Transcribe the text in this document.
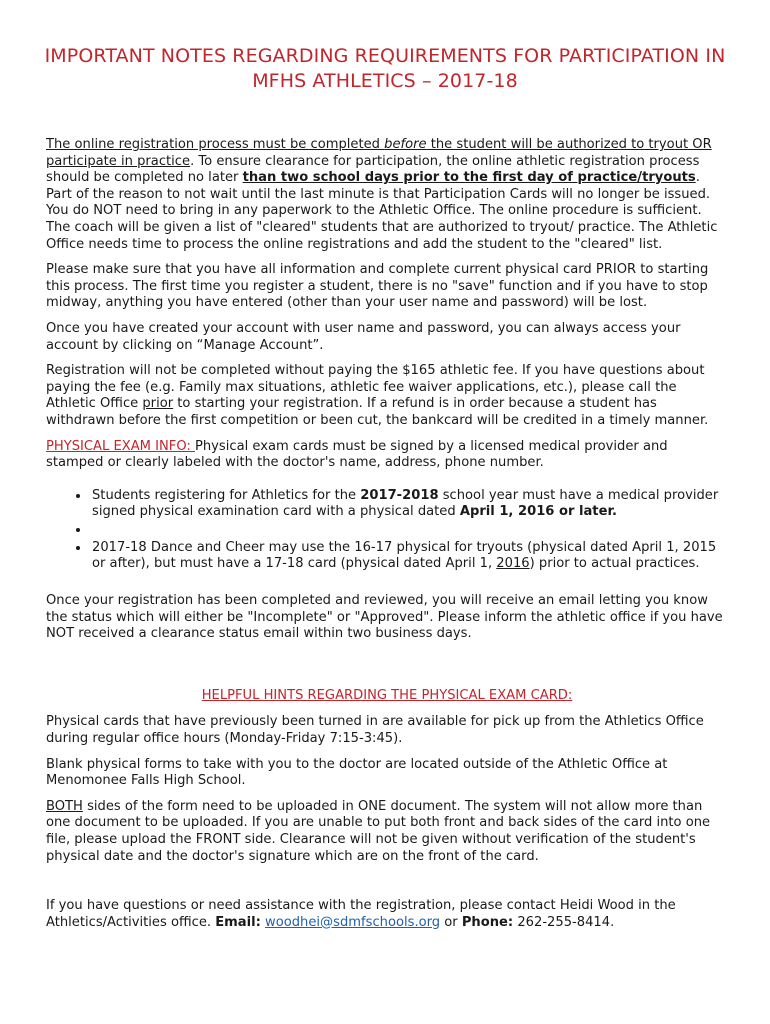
IMPORTANT NOTES REGARDING REQUIREMENTS FOR PARTICIPATION IN
MFHS ATHLETICS – 2017-18

The online registration process must be completed before the student will be authorized to tryout OR participate in practice. To ensure clearance for participation, the online athletic registration process should be completed no later than two school days prior to the first day of practice/tryouts. Part of the reason to not wait until the last minute is that Participation Cards will no longer be issued. You do NOT need to bring in any paperwork to the Athletic Office. The online procedure is sufficient. The coach will be given a list of "cleared" students that are authorized to tryout/ practice. The Athletic Office needs time to process the online registrations and add the student to the "cleared" list.

Please make sure that you have all information and complete current physical card PRIOR to starting this process. The first time you register a student, there is no "save" function and if you have to stop midway, anything you have entered (other than your user name and password) will be lost.

Once you have created your account with user name and password, you can always access your account by clicking on “Manage Account”.

Registration will not be completed without paying the $165 athletic fee. If you have questions about paying the fee (e.g. Family max situations, athletic fee waiver applications, etc.), please call the Athletic Office prior to starting your registration. If a refund is in order because a student has withdrawn before the first competition or been cut, the bankcard will be credited in a timely manner.

PHYSICAL EXAM INFO: Physical exam cards must be signed by a licensed medical provider and stamped or clearly labeled with the doctor's name, address, phone number.

• Students registering for Athletics for the 2017-2018 school year must have a medical provider signed physical examination card with a physical dated April 1, 2016 or later.
•
• 2017-18 Dance and Cheer may use the 16-17 physical for tryouts (physical dated April 1, 2015 or after), but must have a 17-18 card (physical dated April 1, 2016) prior to actual practices.

Once your registration has been completed and reviewed, you will receive an email letting you know the status which will either be "Incomplete" or "Approved". Please inform the athletic office if you have NOT received a clearance status email within two business days.

HELPFUL HINTS REGARDING THE PHYSICAL EXAM CARD:

Physical cards that have previously been turned in are available for pick up from the Athletics Office during regular office hours (Monday-Friday 7:15-3:45).

Blank physical forms to take with you to the doctor are located outside of the Athletic Office at Menomonee Falls High School.

BOTH sides of the form need to be uploaded in ONE document. The system will not allow more than one document to be uploaded. If you are unable to put both front and back sides of the card into one file, please upload the FRONT side. Clearance will not be given without verification of the student's physical date and the doctor's signature which are on the front of the card.

If you have questions or need assistance with the registration, please contact Heidi Wood in the Athletics/Activities office. Email: woodhei@sdmfschools.org or Phone: 262-255-8414.
